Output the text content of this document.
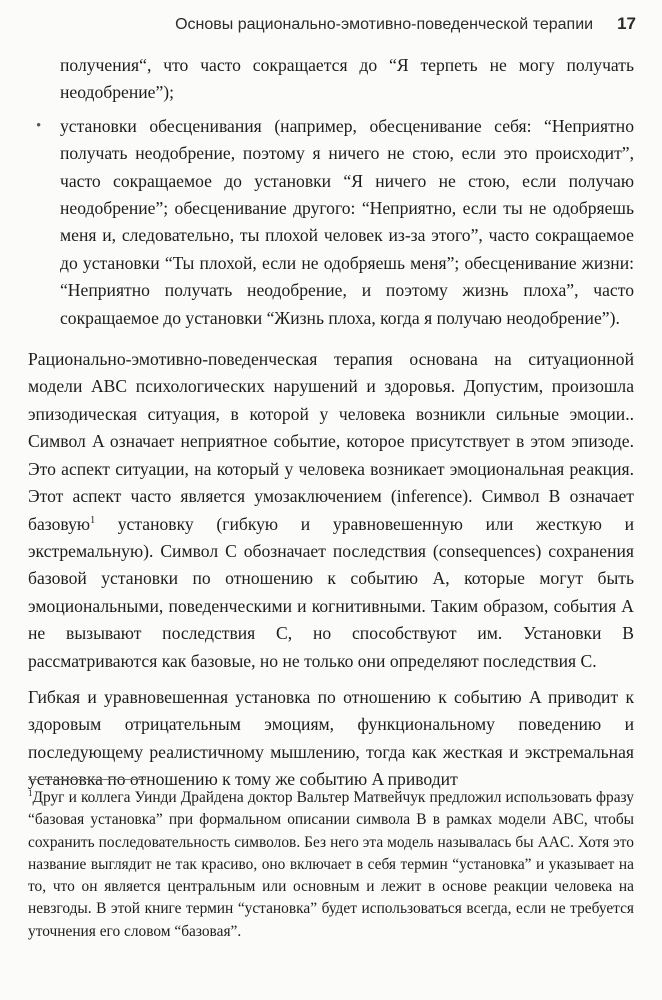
Основы рационально-эмотивно-поведенческой терапии 17

получения“, что часто сокращается до “Я терпеть не могу получать неодобрение”);

• установки обесценивания (например, обесценивание себя: “Неприятно получать неодобрение, поэтому я ничего не стою, если это происходит”, часто сокращаемое до установки “Я ничего не стою, если получаю неодобрение”; обесценивание другого: “Неприятно, если ты не одобряешь меня и, следовательно, ты плохой человек из-за этого”, часто сокращаемое до установки “Ты плохой, если не одобряешь меня”; обесценивание жизни: “Неприятно получать неодобрение, и поэтому жизнь плоха”, часто сокращаемое до установки “Жизнь плоха, когда я получаю неодобрение”).

Рационально-эмотивно-поведенческая терапия основана на ситуационной модели ABC психологических нарушений и здоровья. Допустим, произошла эпизодическая ситуация, в которой у человека возникли сильные эмоции.. Символ A означает неприятное событие, которое присутствует в этом эпизоде. Это аспект ситуации, на который у человека возникает эмоциональная реакция. Этот аспект часто является умозаключением (inference). Символ B означает базовую$^1$ установку (гибкую и уравновешенную или жесткую и экстремальную). Символ C обозначает последствия (consequences) сохранения базовой установки по отношению к событию A, которые могут быть эмоциональными, поведенческими и когнитивными. Таким образом, события A не вызывают последствия C, но способствуют им. Установки B рассматриваются как базовые, но не только они определяют последствия C.

Гибкая и уравновешенная установка по отношению к событию A приводит к здоровым отрицательным эмоциям, функциональному поведению и последующему реалистичному мышлению, тогда как жесткая и экстремальная установка по отношению к тому же событию A приводит

$^1$Друг и коллега Уинди Драйдена доктор Вальтер Матвейчук предложил использовать фразу “базовая установка” при формальном описании символа B в рамках модели ABC, чтобы сохранить последовательность символов. Без него эта модель называлась бы AAC. Хотя это название выглядит не так красиво, оно включает в себя термин “установка” и указывает на то, что он является центральным или основным и лежит в основе реакции человека на невзгоды. В этой книге термин “установка” будет использоваться всегда, если не требуется уточнения его словом “базовая”.
